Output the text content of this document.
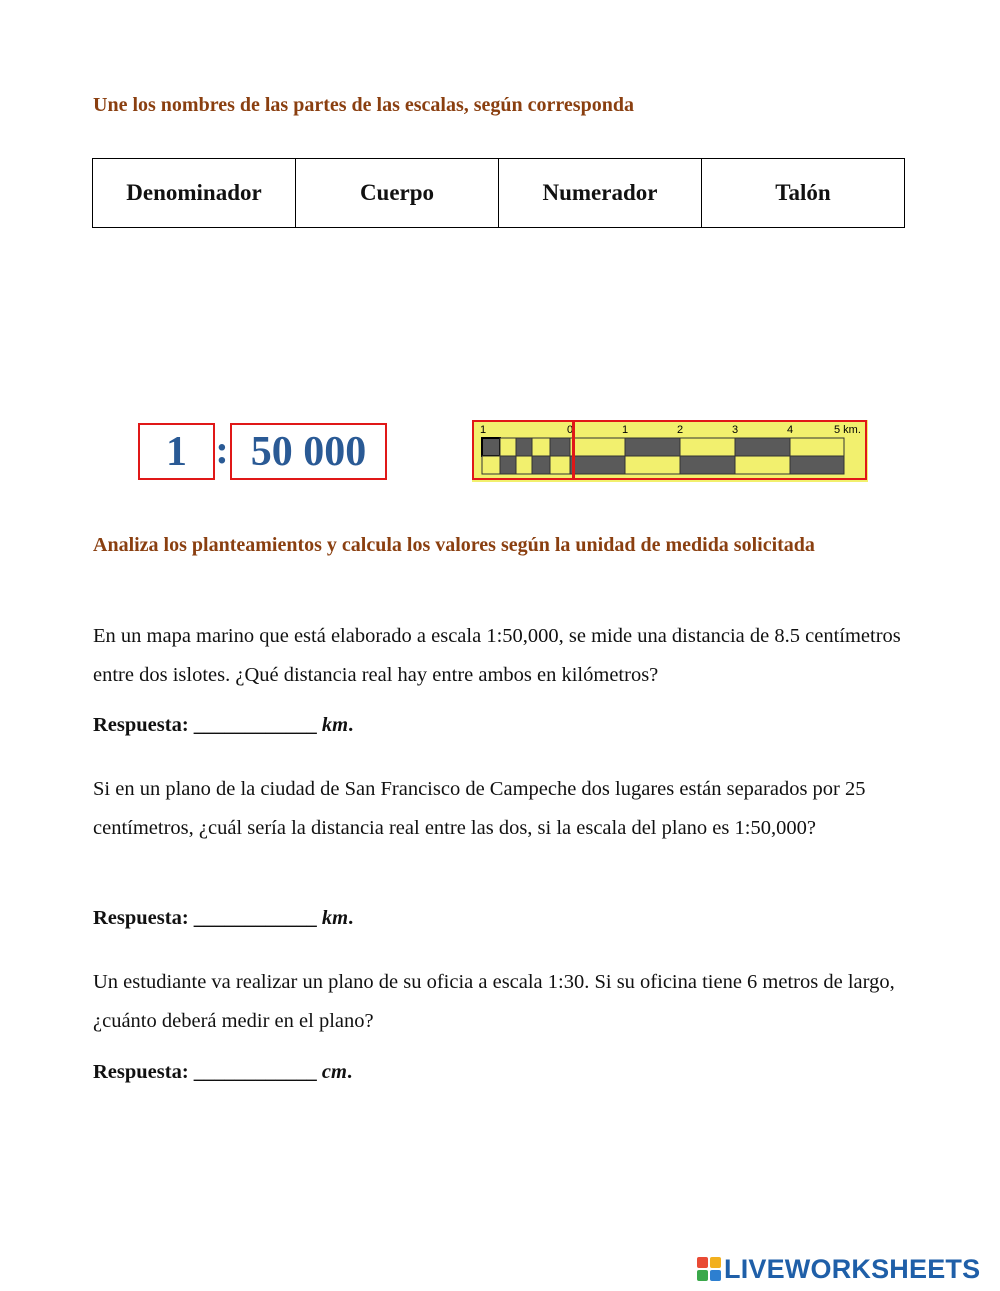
Une los nombres de las partes de las escalas, según corresponda
Denominador	Cuerpo	Numerador	Talón
1 : 50 000	1	0	1	2	3	4	5 km.
Analiza los planteamientos y calcula los valores según la unidad de medida solicitada

En un mapa marino que está elaborado a escala 1:50,000, se mide una distancia de 8.5 centímetros entre dos islotes. ¿Qué distancia real hay entre ambos en kilómetros?

Respuesta: ____________ km.

Si en un plano de la ciudad de San Francisco de Campeche dos lugares están separados por 25 centímetros, ¿cuál sería la distancia real entre las dos, si la escala del plano es 1:50,000?

Respuesta: ____________ km.

Un estudiante va realizar un plano de su oficia a escala 1:30. Si su oficina tiene 6 metros de largo, ¿cuánto deberá medir en el plano?

Respuesta: ____________ cm.

LIVEWORKSHEETS
